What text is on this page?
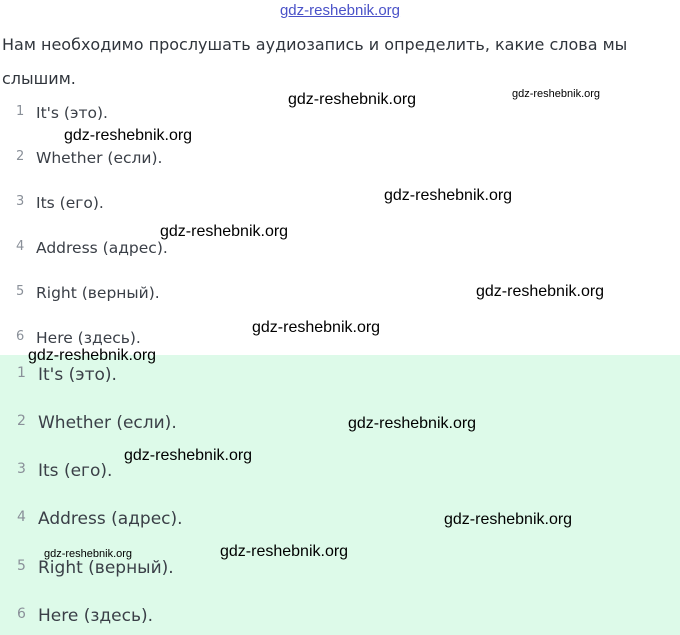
gdz-reshebnik.org

Нам необходимо прослушать аудиозапись и определить, какие слова мы слышим.

1 It's (это).
2 Whether (если).
3 Its (его).
4 Address (адрес).
5 Right (верный).
6 Here (здесь).
1 It's (это).
2 Whether (если).
3 Its (его).
4 Address (адрес).
5 Right (верный).
6 Here (здесь).
gdz-reshebnik.org	gdz-reshebnik.org
gdz-reshebnik.org
gdz-reshebnik.org
gdz-reshebnik.org
gdz-reshebnik.org
gdz-reshebnik.org
gdz-reshebnik.org
gdz-reshebnik.org
gdz-reshebnik.org
gdz-reshebnik.org
gdz-reshebnik.org	gdz-reshebnik.org
